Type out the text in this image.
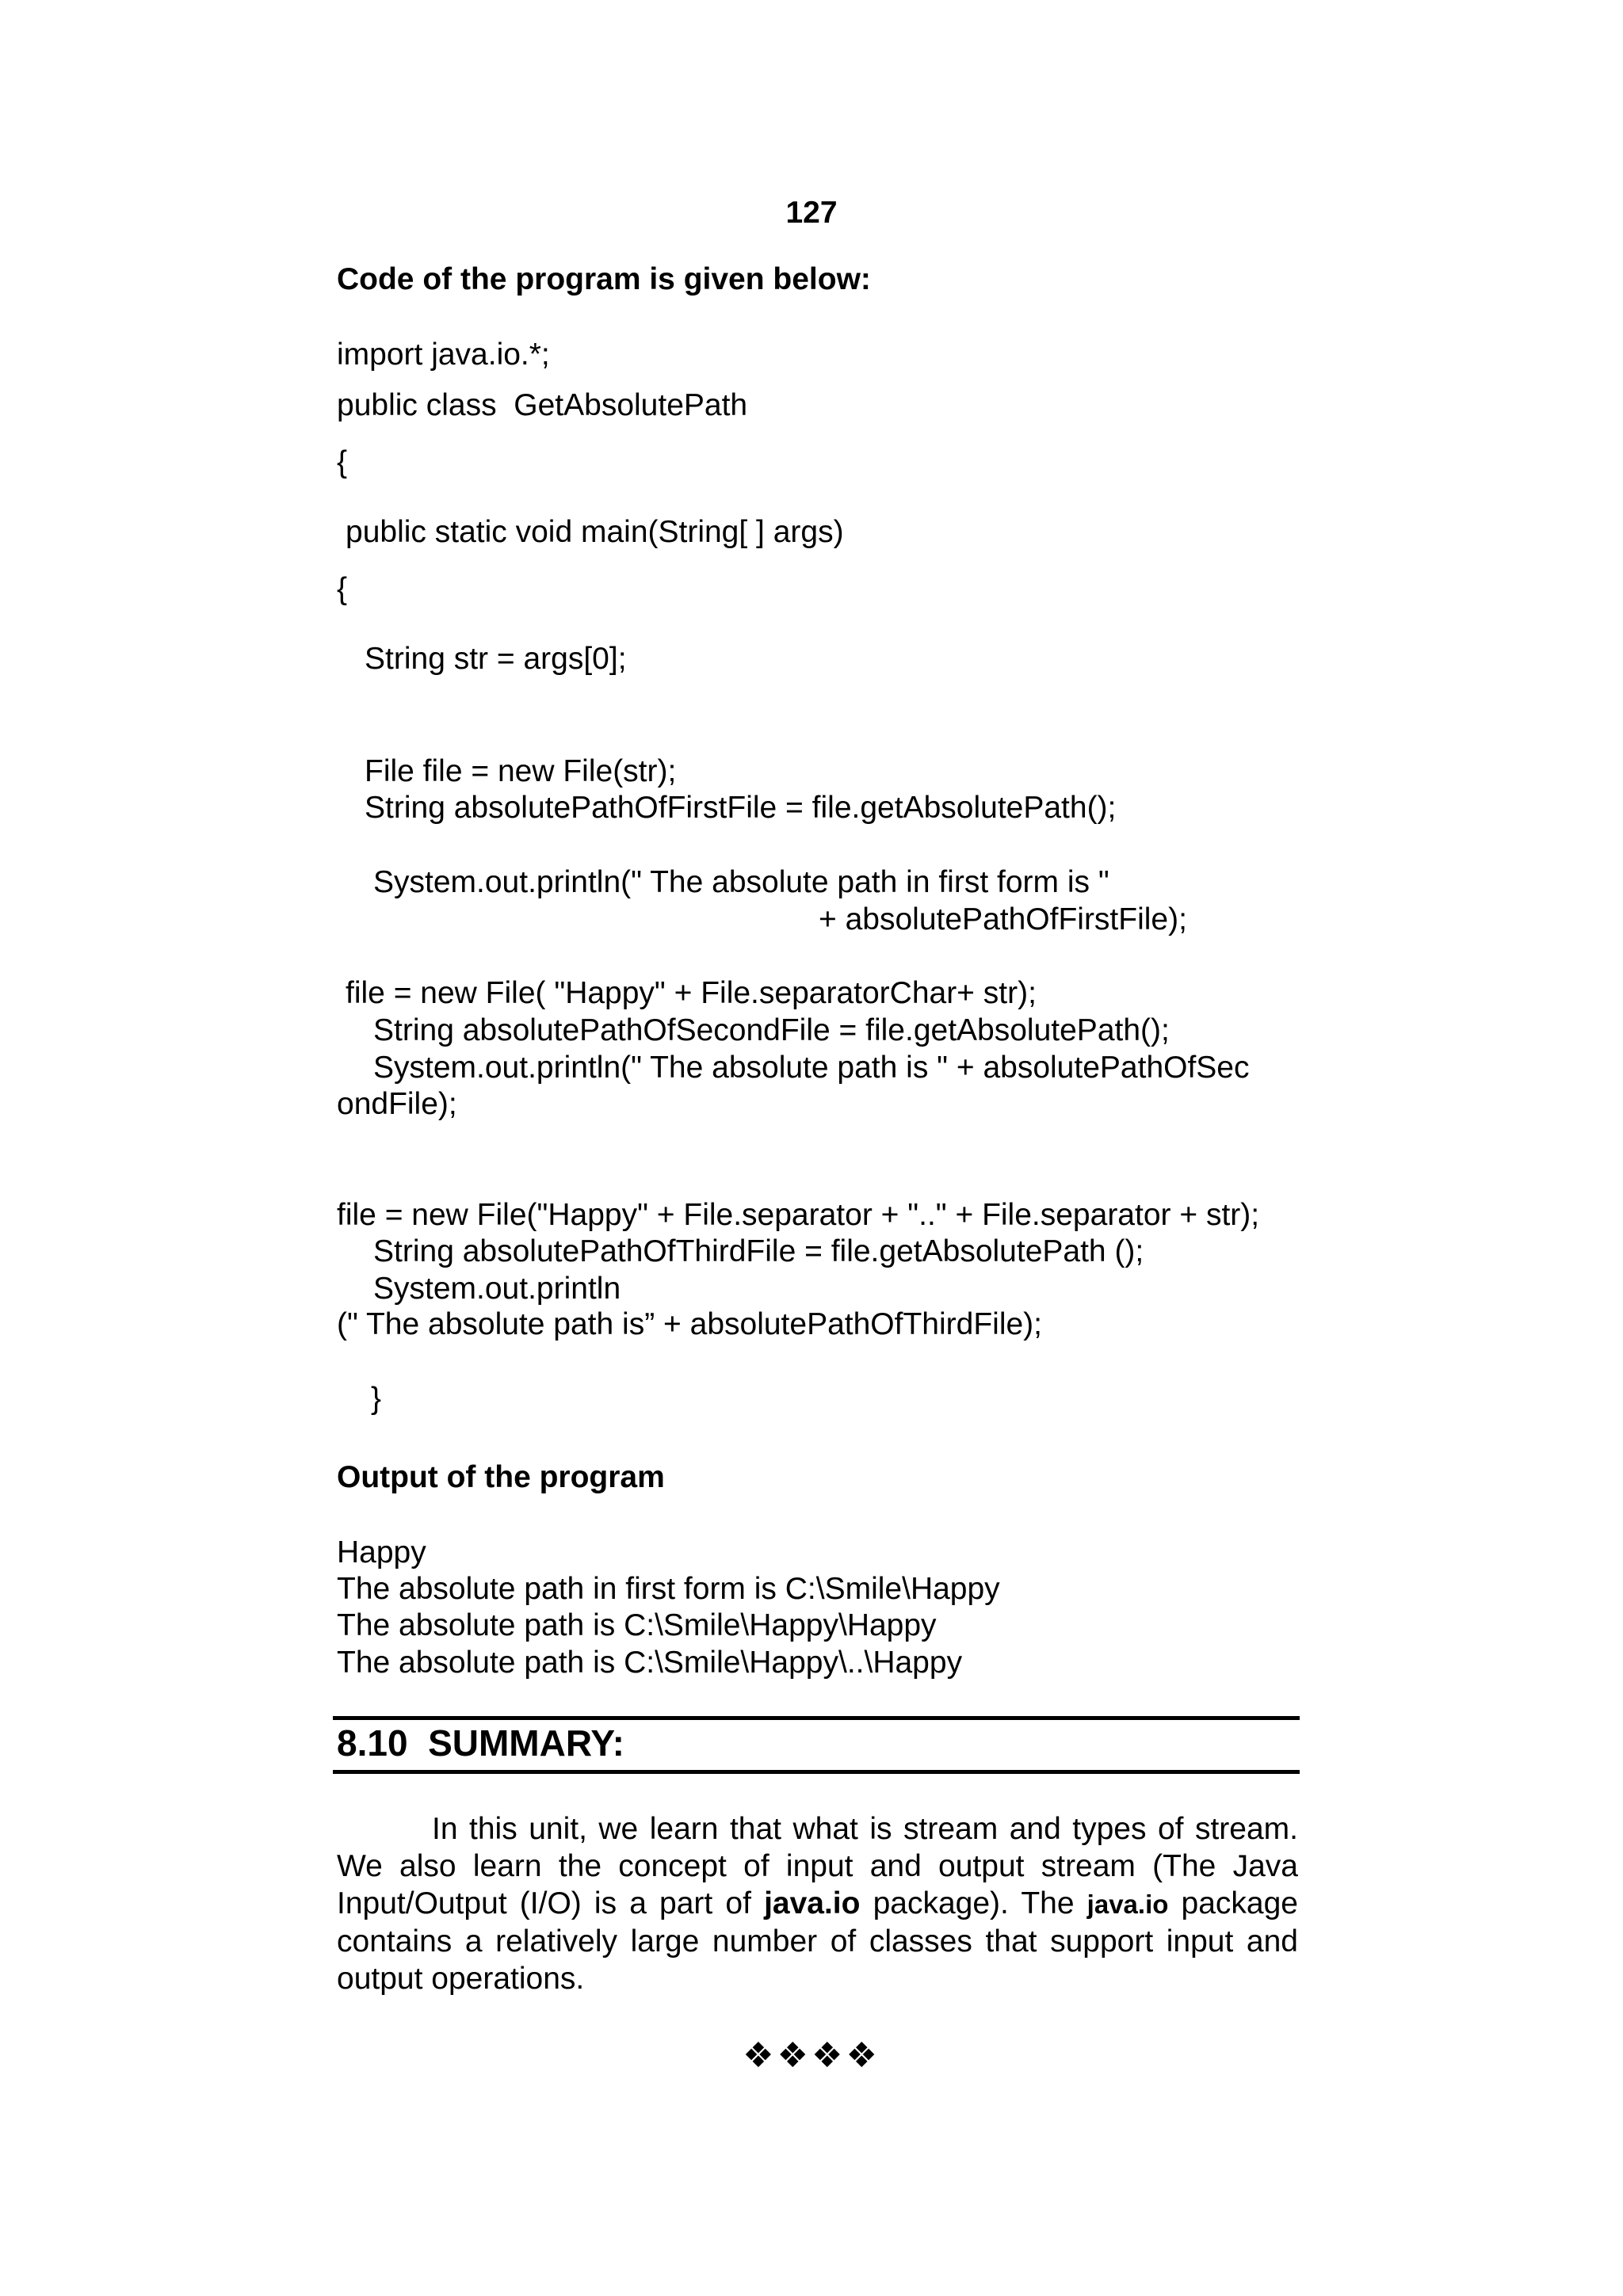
127
Code of the program is given below:
import java.io.*;
public class  GetAbsolutePath
{
public static void main(String[ ] args)
{
String str = args[0];
File file = new File(str);
String absolutePathOfFirstFile = file.getAbsolutePath();
System.out.println(" The absolute path in first form is "
+ absolutePathOfFirstFile);
file = new File( "Happy" + File.separatorChar+ str);
String absolutePathOfSecondFile = file.getAbsolutePath();
System.out.println(" The absolute path is " + absolutePathOfSec
ondFile);
file = new File("Happy" + File.separator + ".." + File.separator + str);
String absolutePathOfThirdFile = file.getAbsolutePath ();
System.out.println
(" The absolute path is” + absolutePathOfThirdFile);
}
Output of the program
Happy
The absolute path in first form is C:\Smile\Happy
The absolute path is C:\Smile\Happy\Happy
The absolute path is C:\Smile\Happy\..\Happy
8.10  SUMMARY:
In this unit, we learn that what is stream and types of stream. We also learn the concept of input and output stream (The Java Input/Output (I/O) is a part of java.io package). The java.io package contains a relatively large number of classes that support input and output operations.
❖❖❖❖
